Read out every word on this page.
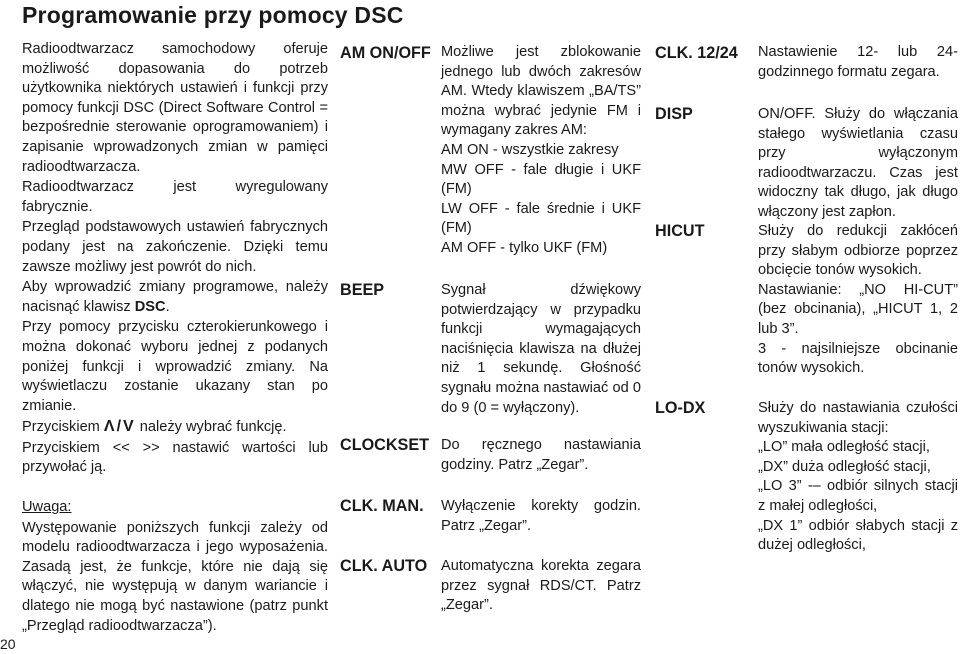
Programowanie przy pomocy DSC

Radioodtwarzacz samochodowy oferuje możliwość dopasowania do potrzeb użytkownika niektórych ustawień i funkcji przy pomocy funkcji DSC (Direct Software Control = bezpośrednie sterowanie oprogramowaniem) i zapisanie wprowadzonych zmian w pamięci radioodtwarzacza.

Radioodtwarzacz jest wyregulowany fabrycznie.

Przegląd podstawowych ustawień fabrycznych podany jest na zakończenie. Dzięki temu zawsze możliwy jest powrót do nich.

Aby wprowadzić zmiany programowe, należy nacisnąć klawisz DSC.

Przy pomocy przycisku czterokierunkowego i można dokonać wyboru jednej z podanych poniżej funkcji i wprowadzić zmiany. Na wyświetlaczu zostanie ukazany stan po zmianie.

Przyciskiem Λ/V należy wybrać funkcję.

Przyciskiem << >> nastawić wartości lub przywołać ją.

Uwaga:

Występowanie poniższych funkcji zależy od modelu radioodtwarzacza i jego wyposażenia. Zasadą jest, że funkcje, które nie dają się włączyć, nie występują w danym wariancie i dlatego nie mogą być nastawione (patrz punkt „Przegląd radioodtwarzacza”).

AM ON/OFF Możliwe jest zblokowanie jednego lub dwóch zakresów AM. Wtedy klawiszem „BA/TS” można wybrać jedynie FM i wymagany zakres AM:
AM ON - wszystkie zakresy
MW OFF - fale długie i UKF (FM)
LW OFF - fale średnie i UKF (FM)
AM OFF - tylko UKF (FM)
BEEP	Sygnał dźwiękowy potwierdzający w przypadku funkcji wymagających naciśnięcia klawisza na dłużej niż 1 sekundę. Głośność sygnału można nastawiać od 0 do 9 (0 = wyłączony).
CLOCKSET Do ręcznego nastawiania godziny. Patrz „Zegar”.
CLK. MAN. Wyłączenie korekty godzin. Patrz „Zegar”.
CLK. AUTO Automatyczna korekta zegara przez sygnał RDS/CT. Patrz „Zegar”.
CLK. 12/24 Nastawienie 12- lub 24-godzinnego formatu zegara.
DISP	ON/OFF. Służy do włączania stałego wyświetlania czasu przy wyłączonym radioodtwarzaczu. Czas jest widoczny tak długo, jak długo włączony jest zapłon.
HICUT	Służy do redukcji zakłóceń przy słabym odbiorze poprzez obcięcie tonów wysokich.
Nastawianie: „NO HI-CUT” (bez obcinania), „HICUT 1, 2 lub 3”.
3 - najsilniejsze obcinanie tonów wysokich.
LO-DX	Służy do nastawiania czułości wyszukiwania stacji:
„LO” mała odległość stacji,
„DX” duża odległość stacji,
„LO 3” -– odbiór silnych stacji z małej odległości,
„DX 1” odbiór słabych stacji z dużej odległości,
20
